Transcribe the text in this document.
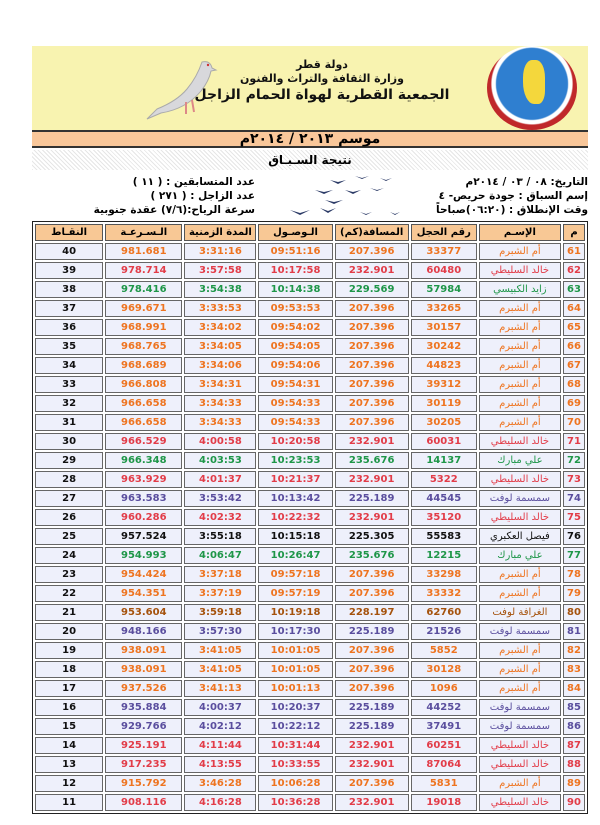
دولة قطر
وزارة الثقافة والتراث والفنون
الجمعية القطرية لهواة الحمام الزاجل
موسم ٢٠١٣ / ٢٠١٤م
نتيجة السـبـاق
التاريخ: ٠٨ / ٠٣ / ٢٠١٤م
إسم السباق : جودة حريص- ٤
وقت الإنطلاق : (٠٦:٢٠)صباحاً
عدد المتسابقين : ( ١١ )
عدد الزاجل : ( ٢٧١ )
سرعة الرياح:(٧/٦) عقدة جنوبية
م	الإسـم	رقم الحجل	المسافة(كم)	الـوصـول	المدة الزمنية	الـسـرعـة	النقـاط
61	أم الشبرم	33377	207.396	09:51:16	3:31:16	981.681	40
62	خالد السليطي	60480	232.901	10:17:58	3:57:58	978.714	39
63	زايد الكبيسي	57984	229.569	10:14:38	3:54:38	978.416	38
64	أم الشبرم	33265	207.396	09:53:53	3:33:53	969.671	37
65	أم الشبرم	30157	207.396	09:54:02	3:34:02	968.991	36
66	أم الشبرم	30242	207.396	09:54:05	3:34:05	968.765	35
67	أم الشبرم	44823	207.396	09:54:06	3:34:06	968.689	34
68	أم الشبرم	39312	207.396	09:54:31	3:34:31	966.808	33
69	أم الشبرم	30119	207.396	09:54:33	3:34:33	966.658	32
70	أم الشبرم	30205	207.396	09:54:33	3:34:33	966.658	31
71	خالد السليطي	60031	232.901	10:20:58	4:00:58	966.529	30
72	علي مبارك	14137	235.676	10:23:53	4:03:53	966.348	29
73	خالد السليطي	5322	232.901	10:21:37	4:01:37	963.929	28
74	سمسمة لوفت	44545	225.189	10:13:42	3:53:42	963.583	27
75	خالد السليطي	35120	232.901	10:22:32	4:02:32	960.286	26
76	فيصل العكبري	55583	225.305	10:15:18	3:55:18	957.524	25
77	علي مبارك	12215	235.676	10:26:47	4:06:47	954.993	24
78	أم الشبرم	33298	207.396	09:57:18	3:37:18	954.424	23
79	أم الشبرم	33332	207.396	09:57:19	3:37:19	954.351	22
80	الغرافة لوفت	62760	228.197	10:19:18	3:59:18	953.604	21
81	سمسمة لوفت	21526	225.189	10:17:30	3:57:30	948.166	20
82	أم الشبرم	5852	207.396	10:01:05	3:41:05	938.091	19
83	أم الشبرم	30128	207.396	10:01:05	3:41:05	938.091	18
84	أم الشبرم	1096	207.396	10:01:13	3:41:13	937.526	17
85	سمسمة لوفت	44252	225.189	10:20:37	4:00:37	935.884	16
86	سمسمة لوفت	37491	225.189	10:22:12	4:02:12	929.766	15
87	خالد السليطي	60251	232.901	10:31:44	4:11:44	925.191	14
88	خالد السليطي	87064	232.901	10:33:55	4:13:55	917.235	13
89	أم الشبرم	5831	207.396	10:06:28	3:46:28	915.792	12
90	خالد السليطي	19018	232.901	10:36:28	4:16:28	908.116	11
